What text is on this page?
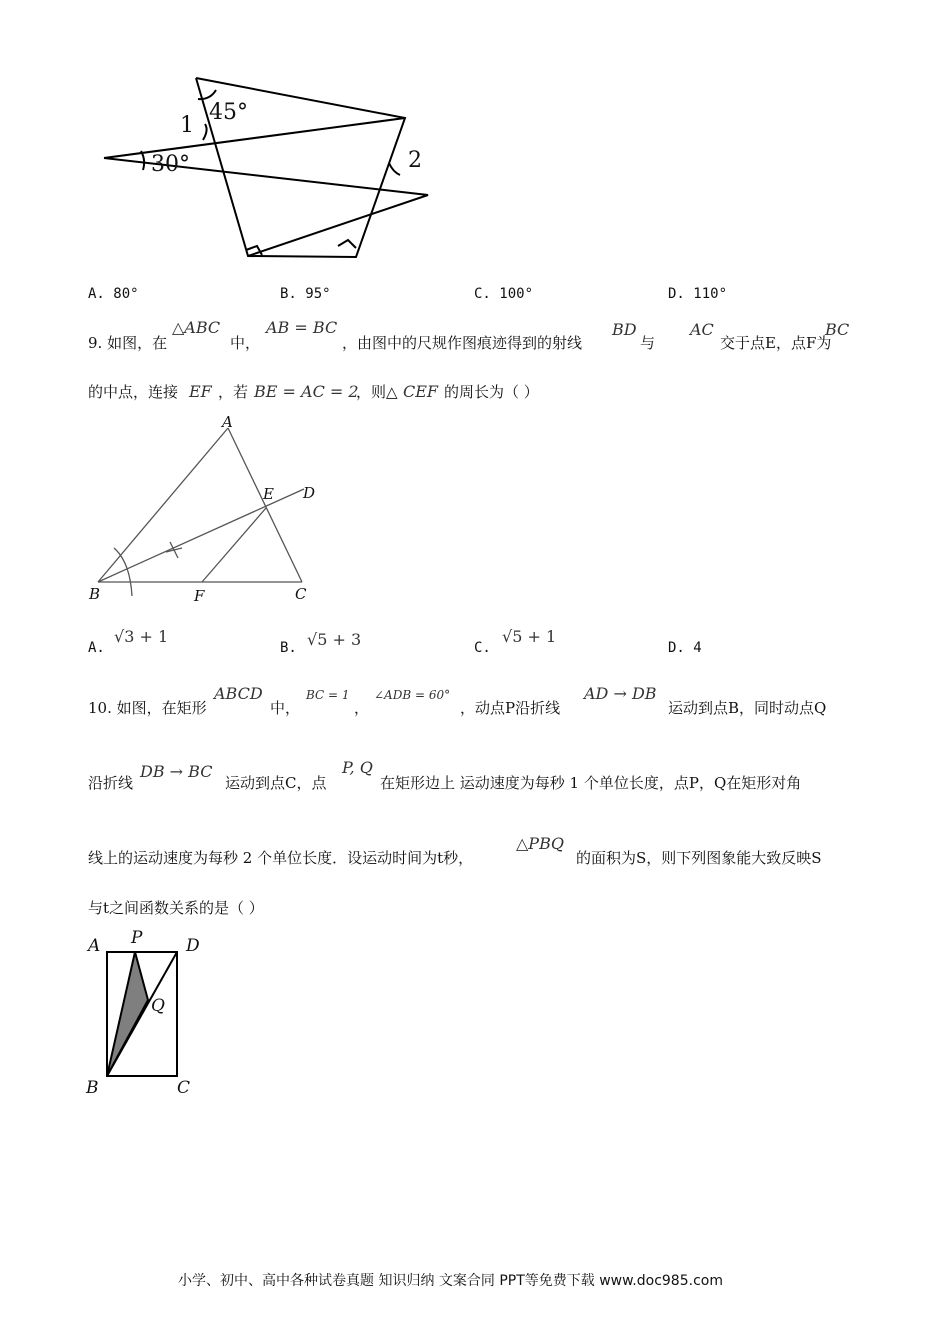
1
45°
30°	2
A. 80°	B. 95°	C. 100°	D. 110°
9. 如图，在
△ABC
中，
AB = BC
，由图中的尺规作图痕迹得到的射线
BD
与
AC
交于点E，点F为
BC
的中点，连接 EF ，若 BE = AC = 2
，则△ CEF 的周长为（ ）
A
E D
B	F	C
A.
√3 + 1
B. √5 + 3	C.
√5 + 1
D. 4
10. 如图，在矩形
ABCD
中，
BC = 1
，
∠ADB = 60°
，动点P沿折线
AD → DB
运动到点B，同时动点Q
沿折线
DB → BC
运动到点C，点
P, Q
在矩形边上 运动速度为每秒 1 个单位长度，点P，Q在矩形对角
线上的运动速度为每秒 2 个单位长度．设运动时间为t秒，
△PBQ
的面积为S，则下列图象能大致反映S
与t之间函数关系的是（ ）
A P	D
Q
B	C
小学、初中、高中各种试卷真题 知识归纳 文案合同 PPT等免费下载 www.doc985.com
